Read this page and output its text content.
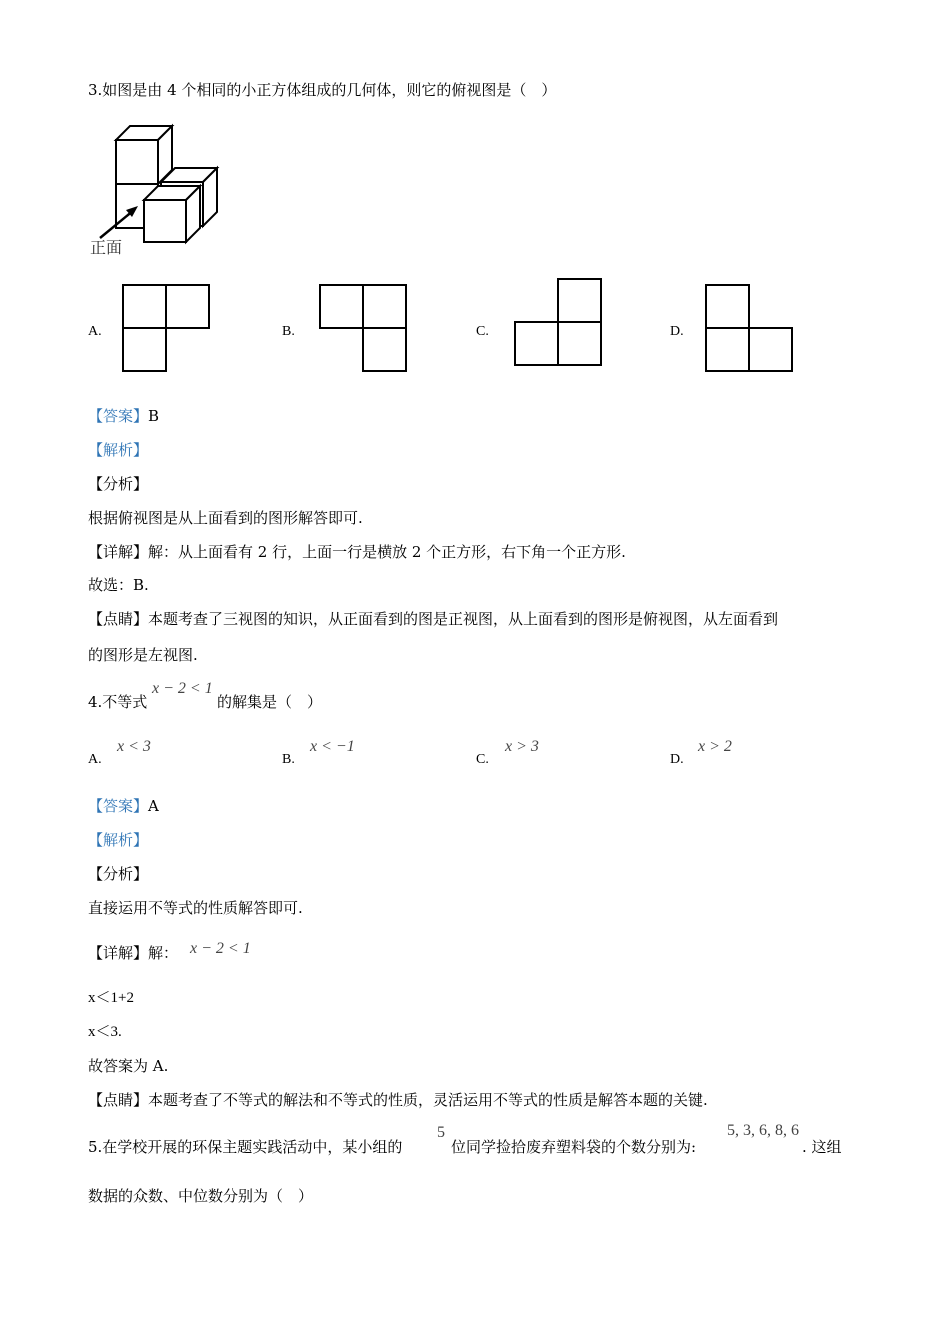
3.如图是由 4 个相同的小正方体组成的几何体，则它的俯视图是（　）
正面
A.	B.	C.	D.
【答案】B
【解析】
【分析】
根据俯视图是从上面看到的图形解答即可.
【详解】解：从上面看有 2 行，上面一行是横放 2 个正方形，右下角一个正方形.
故选：B.
【点睛】本题考查了三视图的知识，从正面看到的图是正视图，从上面看到的图形是俯视图，从左面看到
的图形是左视图.
4.不等式
x − 2 < 1
的解集是（　）
A.
x < 3
B.
x < −1
C.
x > 3
D.
x > 2
【答案】A
【解析】
【分析】
直接运用不等式的性质解答即可.
【详解】解： x − 2 < 1
x＜1+2
x＜3.
故答案为 A.
【点睛】本题考查了不等式的解法和不等式的性质，灵活运用不等式的性质是解答本题的关键.
5.在学校开展的环保主题实践活动中，某小组的
5
位同学捡拾废弃塑料袋的个数分别为:
5, 3, 6, 8, 6
. 这组
数据的众数、中位数分别为（　）
